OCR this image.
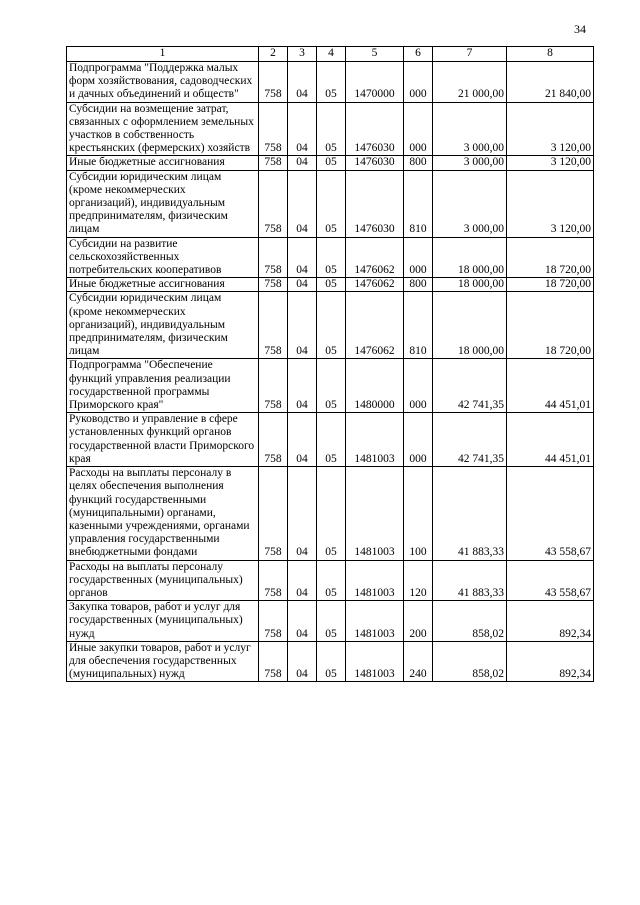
34
1	2	3	4	5	6	7	8
Подпрограмма "Поддержка малых форм хозяйствования, садоводческих и дачных объединений и обществ"	758	04	05	1470000	000	21 000,00	21 840,00
Субсидии на возмещение затрат, связанных с оформлением земельных участков в собственность крестьянских (фермерских) хозяйств	758	04	05	1476030	000	3 000,00	3 120,00
Иные бюджетные ассигнования	758	04	05	1476030	800	3 000,00	3 120,00
Субсидии юридическим лицам (кроме некоммерческих организаций), индивидуальным предпринимателям, физическим лицам	758	04	05	1476030	810	3 000,00	3 120,00
Субсидии на развитие сельскохозяйственных потребительских кооперативов	758	04	05	1476062	000	18 000,00	18 720,00
Иные бюджетные ассигнования	758	04	05	1476062	800	18 000,00	18 720,00
Субсидии юридическим лицам (кроме некоммерческих организаций), индивидуальным предпринимателям, физическим лицам	758	04	05	1476062	810	18 000,00	18 720,00
Подпрограмма "Обеспечение функций управления реализации государственной программы Приморского края"	758	04	05	1480000	000	42 741,35	44 451,01
Руководство и управление в сфере установленных функций органов государственной власти Приморского края	758	04	05	1481003	000	42 741,35	44 451,01
Расходы на выплаты персоналу в целях обеспечения выполнения функций государственными (муниципальными) органами, казенными учреждениями, органами управления государственными внебюджетными фондами	758	04	05	1481003	100	41 883,33	43 558,67
Расходы на выплаты персоналу государственных (муниципальных) органов	758	04	05	1481003	120	41 883,33	43 558,67
Закупка товаров, работ и услуг для государственных (муниципальных) нужд	758	04	05	1481003	200	858,02	892,34
Иные закупки товаров, работ и услуг для обеспечения государственных (муниципальных) нужд	758	04	05	1481003	240	858,02	892,34
